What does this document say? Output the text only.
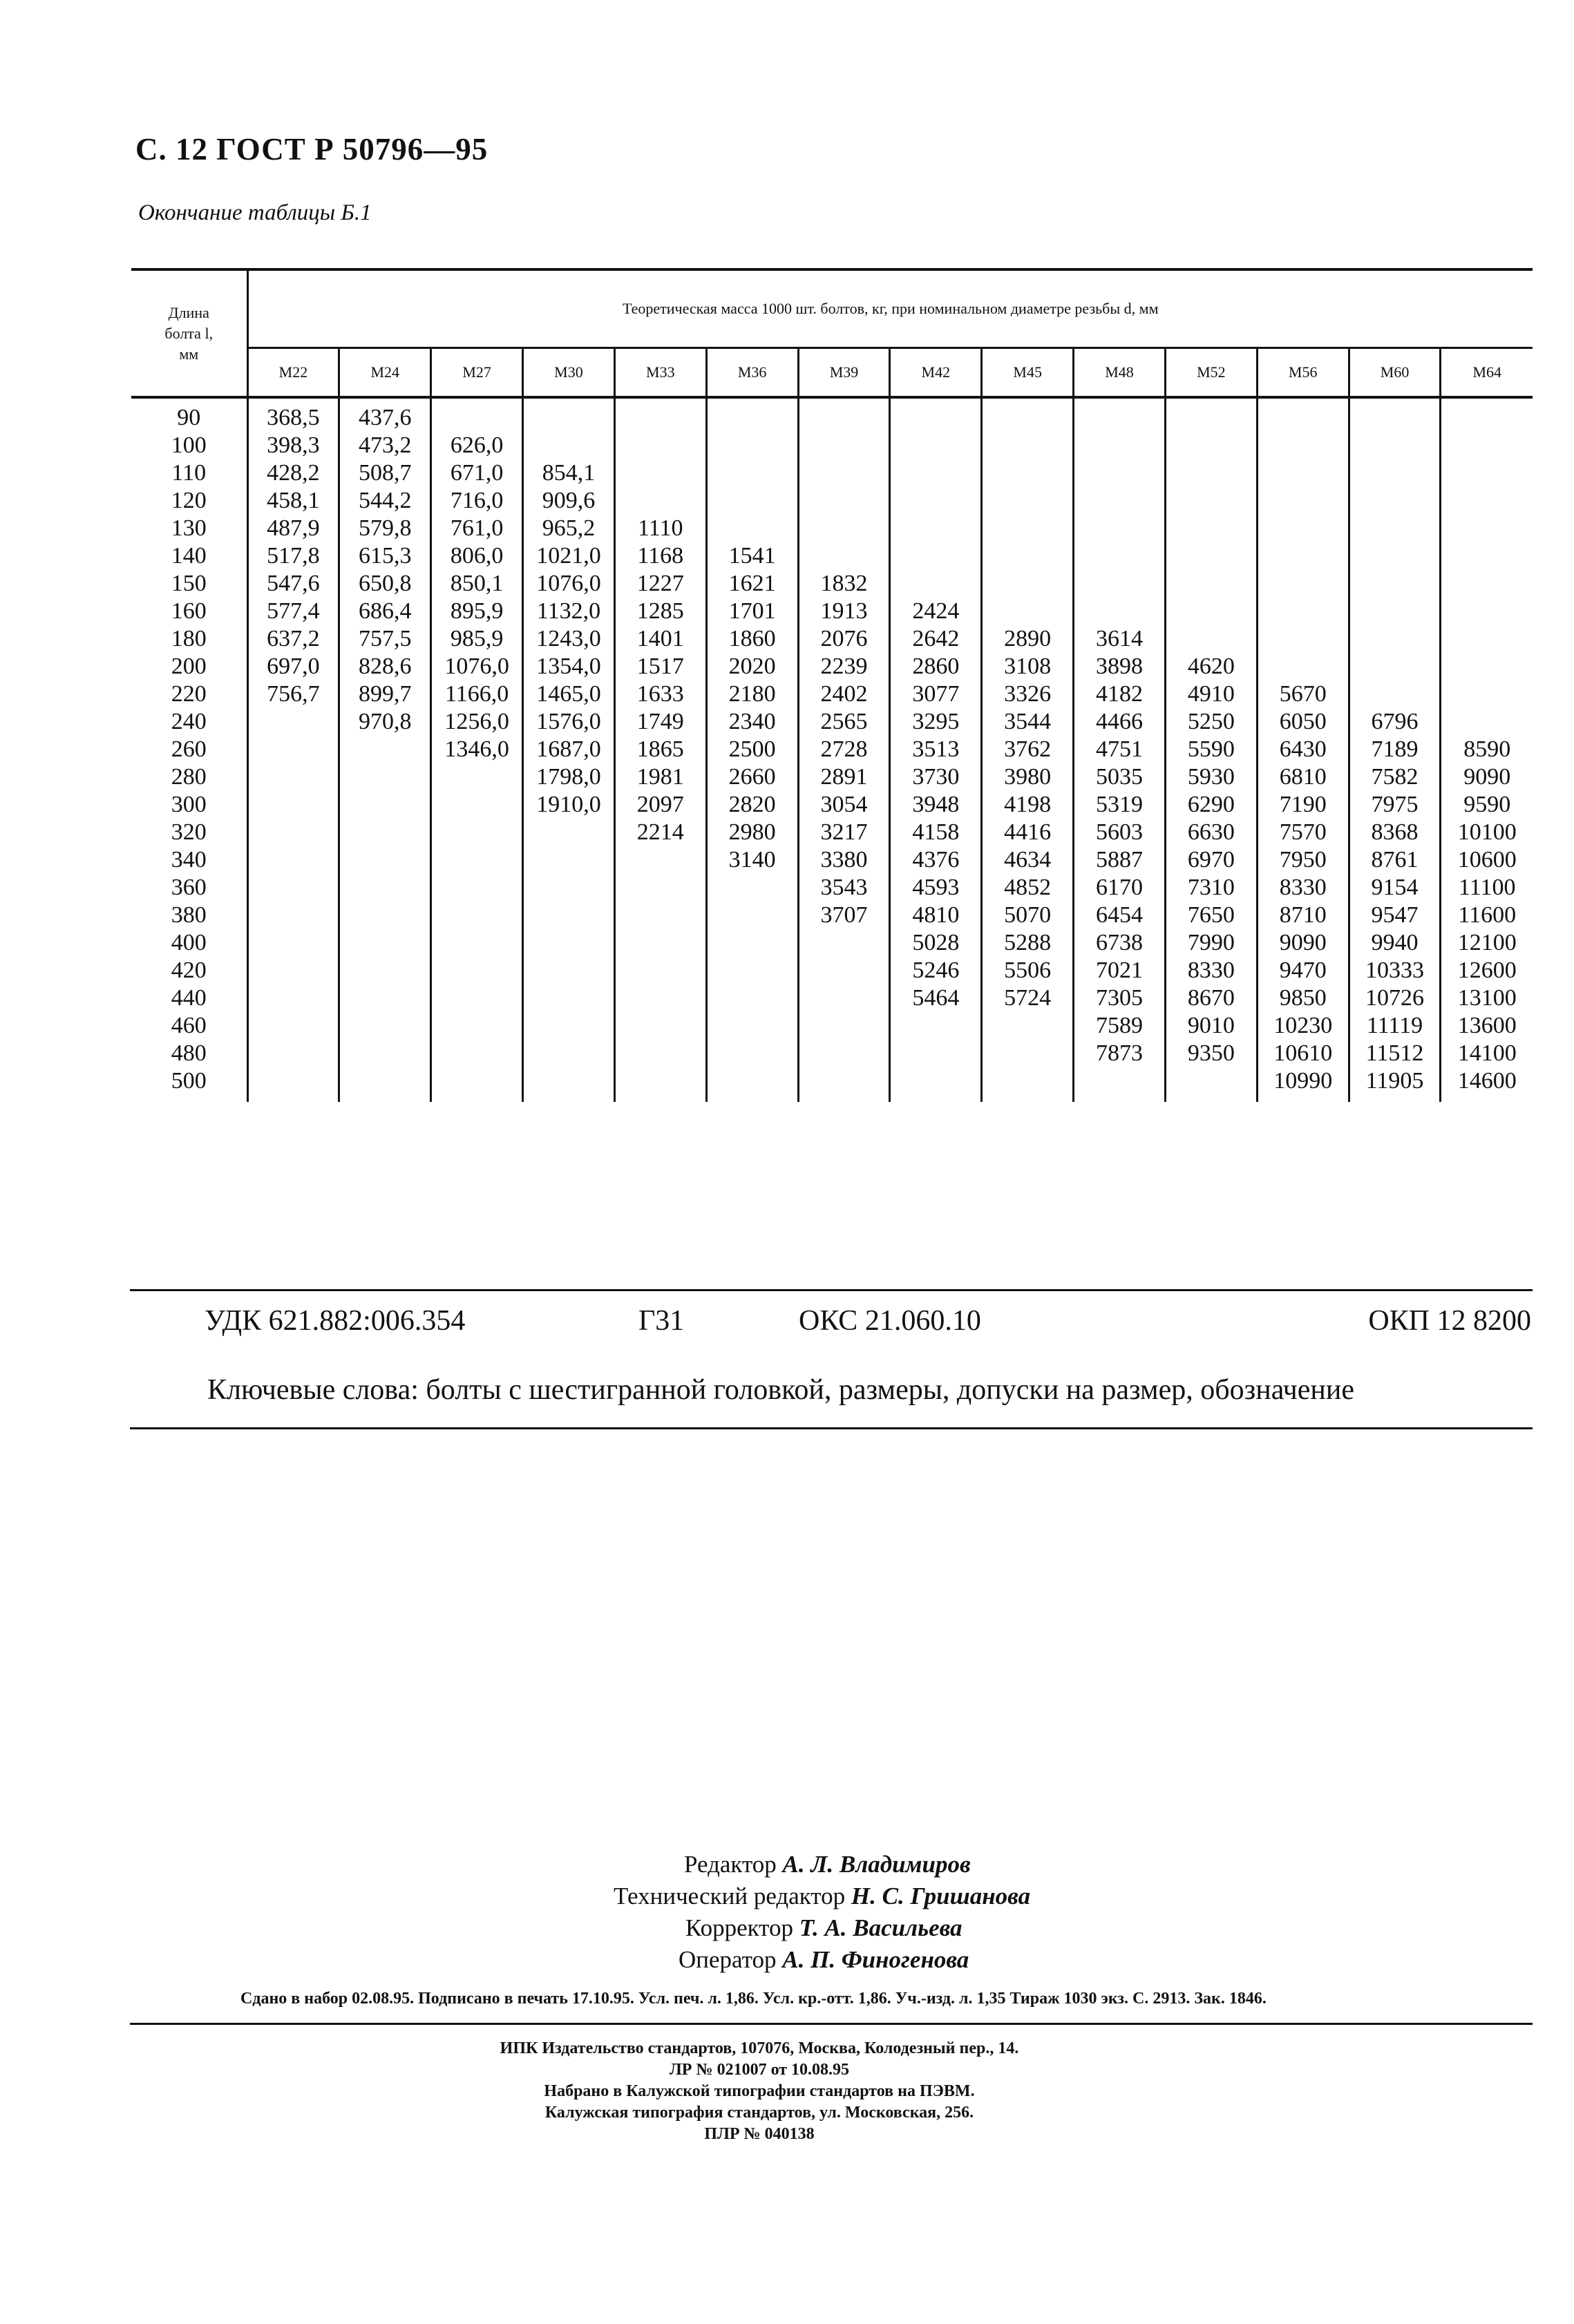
С. 12 ГОСТ Р 50796—95
Окончание таблицы Б.1
Длина
болта l,
мм	Теоретическая масса 1000 шт. болтов, кг, при номинальном диаметре резьбы d, мм													
	М22	М24	М27	М30	М33	М36	М39	М42	М45	М48	М52	М56	М60	М64
90	368,5	437,6												
100	398,3	473,2	626,0											
110	428,2	508,7	671,0	854,1										
120	458,1	544,2	716,0	909,6										
130	487,9	579,8	761,0	965,2	1110									
140	517,8	615,3	806,0	1021,0	1168	1541								
150	547,6	650,8	850,1	1076,0	1227	1621	1832							
160	577,4	686,4	895,9	1132,0	1285	1701	1913	2424						
180	637,2	757,5	985,9	1243,0	1401	1860	2076	2642	2890	3614				
200	697,0	828,6	1076,0	1354,0	1517	2020	2239	2860	3108	3898	4620			
220	756,7	899,7	1166,0	1465,0	1633	2180	2402	3077	3326	4182	4910	5670		
240		970,8	1256,0	1576,0	1749	2340	2565	3295	3544	4466	5250	6050	6796	
260			1346,0	1687,0	1865	2500	2728	3513	3762	4751	5590	6430	7189	8590
280				1798,0	1981	2660	2891	3730	3980	5035	5930	6810	7582	9090
300				1910,0	2097	2820	3054	3948	4198	5319	6290	7190	7975	9590
320					2214	2980	3217	4158	4416	5603	6630	7570	8368	10100
340						3140	3380	4376	4634	5887	6970	7950	8761	10600
360							3543	4593	4852	6170	7310	8330	9154	11100
380							3707	4810	5070	6454	7650	8710	9547	11600
400								5028	5288	6738	7990	9090	9940	12100
420								5246	5506	7021	8330	9470	10333	12600
440								5464	5724	7305	8670	9850	10726	13100
460										7589	9010	10230	11119	13600
480										7873	9350	10610	11512	14100
500												10990	11905	14600
УДК 621.882:006.354	Г31	ОКС 21.060.10	ОКП 12 8200
Ключевые слова: болты с шестигранной головкой, размеры, допуски на размер, обозначение
Редактор А. Л. Владимиров
Технический редактор Н. С. Гришанова
Корректор Т. А. Васильева
Оператор А. П. Финогенова
Сдано в набор 02.08.95. Подписано в печать 17.10.95. Усл. печ. л. 1,86. Усл. кр.-отт. 1,86. Уч.-изд. л. 1,35 Тираж 1030 экз. С. 2913. Зак. 1846.
ИПК Издательство стандартов, 107076, Москва, Колодезный пер., 14.
ЛР № 021007 от 10.08.95
Набрано в Калужской типографии стандартов на ПЭВМ.
Калужская типография стандартов, ул. Московская, 256.
ПЛР № 040138
